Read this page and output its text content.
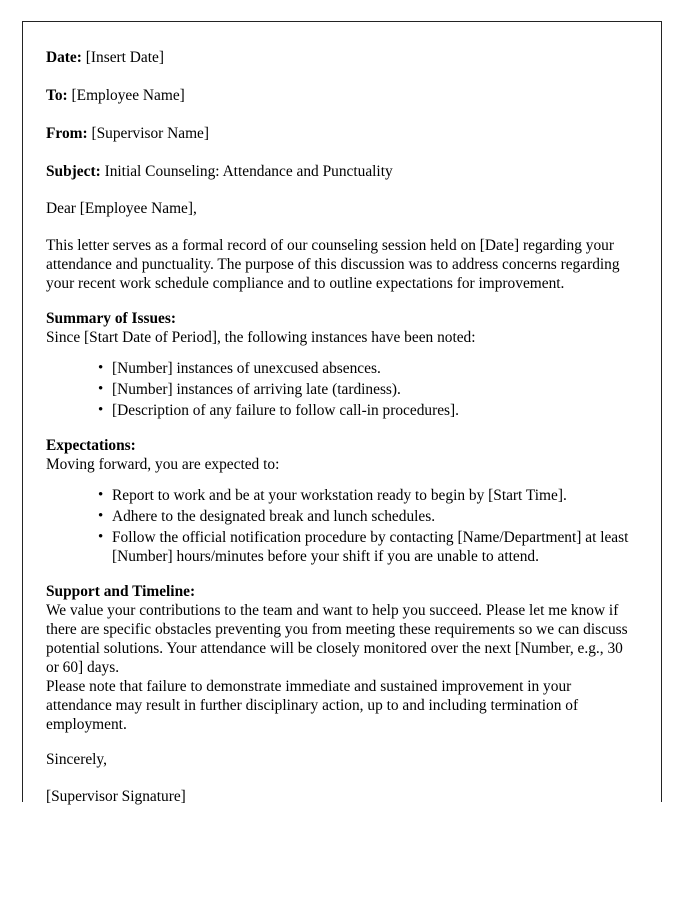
Date: [Insert Date]
To: [Employee Name]
From: [Supervisor Name]
Subject: Initial Counseling: Attendance and Punctuality
Dear [Employee Name],

This letter serves as a formal record of our counseling session held on [Date] regarding your attendance and punctuality. The purpose of this discussion was to address concerns regarding your recent work schedule compliance and to outline expectations for improvement.

Summary of Issues:
Since [Start Date of Period], the following instances have been noted:
• [Number] instances of unexcused absences.
• [Number] instances of arriving late (tardiness).
• [Description of any failure to follow call-in procedures].
Expectations:
Moving forward, you are expected to:
• Report to work and be at your workstation ready to begin by [Start Time].
• Adhere to the designated break and lunch schedules.
• Follow the official notification procedure by contacting [Name/Department] at least [Number] hours/minutes before your shift if you are unable to attend.
Support and Timeline:
We value your contributions to the team and want to help you succeed. Please let me know if there are specific obstacles preventing you from meeting these requirements so we can discuss potential solutions. Your attendance will be closely monitored over the next [Number, e.g., 30 or 60] days.

Please note that failure to demonstrate immediate and sustained improvement in your attendance may result in further disciplinary action, up to and including termination of employment.

Sincerely,
[Supervisor Signature]
